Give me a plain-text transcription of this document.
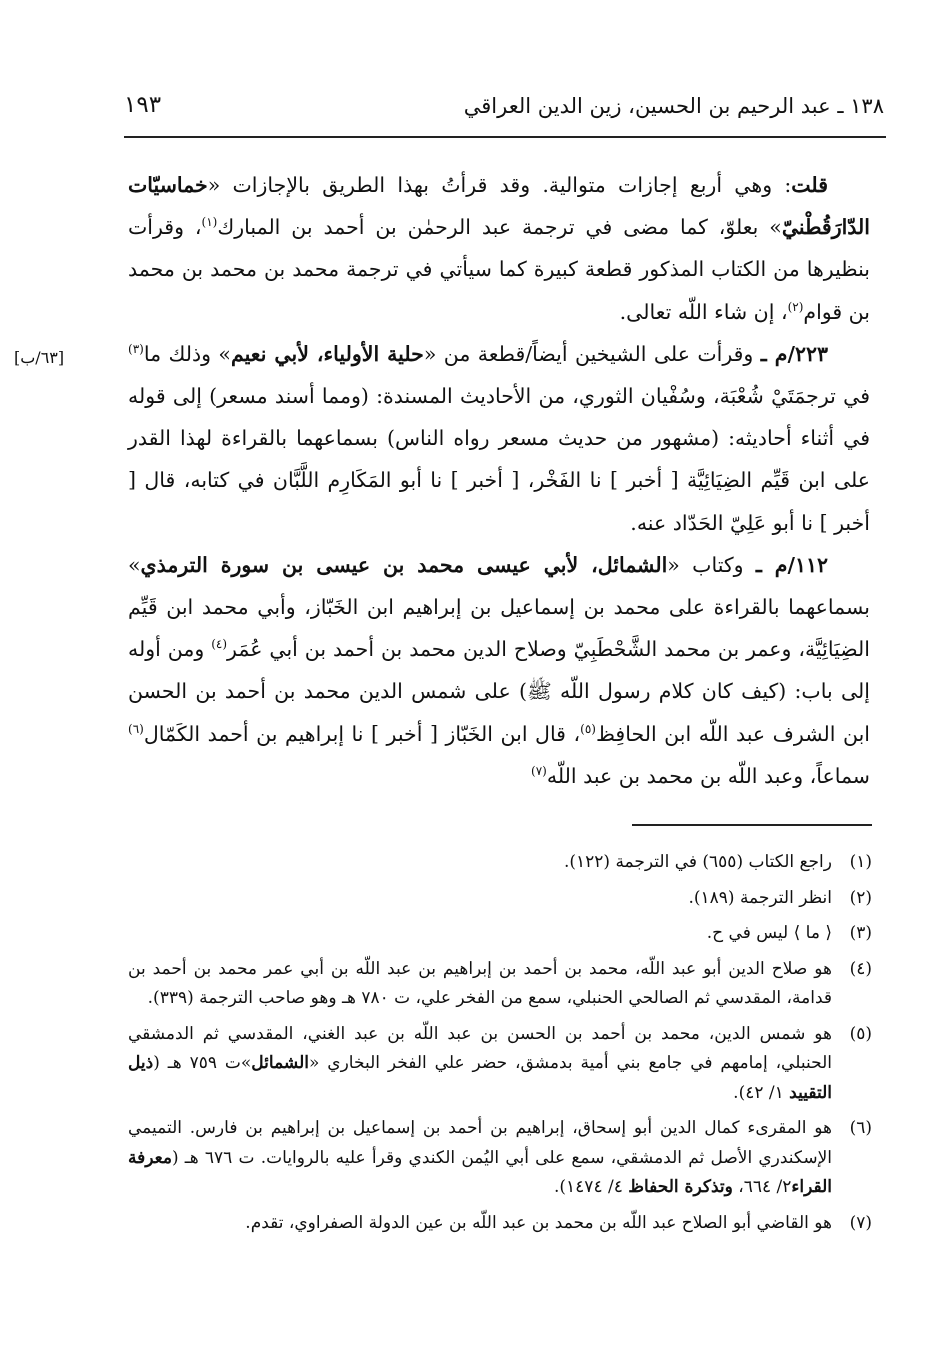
١٣٨ ـ عبد الرحيم بن الحسين، زين الدين العراقي
١٩٣
[٦٣/ب]

قلت: وهي أربع إجازات متوالية. وقد قرأتُ بهذا الطريق بالإجازات «خماسيّات الدّارَقُطْنيّ» بعلوّ، كما مضى في ترجمة عبد الرحمٰن بن أحمد بن المبارك$^{(١)}$، وقرأت بنظيرها من الكتاب المذكور قطعة كبيرة كما سيأتي في ترجمة محمد بن محمد بن محمد بن قوام$^{(٢)}$، إن شاء اللّه تعالى.

٢٢٣/م ـ وقرأت على الشيخين أيضاً/قطعة من «حلية الأولياء، لأبي نعيم» وذلك ما$^{(٣)}$ في ترجمَتَيْ شُعْبَة، وسُفْيان الثوري، من الأحاديث المسندة: (ومما أسند مسعر) إلى قوله في أثناء أحاديثه: (مشهور من حديث مسعر رواه الناس) بسماعهما بالقراءة لهذا القدر على ابن قَيِّم الضِيَائِيَّة [ أخبر ] نا الفَخْر، [ أخبر ] نا أبو المَكَارِم اللَّبَّان في كتابه، قال [ أخبر ] نا أبو عَلِيّ الحَدّاد عنه.

١١٢/م ـ وكتاب «الشمائل، لأبي عيسى محمد بن عيسى بن سورة الترمذي» بسماعهما بالقراءة على محمد بن إسماعيل بن إبراهيم ابن الخَبّاز، وأبي محمد ابن قَيِّم الضِيَائِيَّة، وعمر بن محمد الشَّحْطَبِيّ وصلاح الدين محمد بن أحمد بن أبي عُمَر$^{(٤)}$ ومن أوله إلى باب: (كيف كان كلام رسول اللّه ﷺ) على شمس الدين محمد بن أحمد بن الحسن ابن الشرف عبد اللّه ابن الحافِظ$^{(٥)}$، قال ابن الخَبّاز [ أخبر ] نا إبراهيم بن أحمد الكَمّال$^{(٦)}$ سماعاً، وعبد اللّه بن محمد بن عبد اللّه$^{(٧)}$

(١)
راجع الكتاب (٦٥٥) في الترجمة (١٢٢).
(٢)
انظر الترجمة (١٨٩).
(٣)
⟨ ما ⟩ ليس في ح.
(٤)
هو صلاح الدين أبو عبد اللّه، محمد بن أحمد بن إبراهيم بن عبد اللّه بن أبي عمر محمد بن أحمد بن قدامة، المقدسي ثم الصالحي الحنبلي، سمع من الفخر علي، ت ٧٨٠ هـ وهو صاحب الترجمة (٣٣٩).
(٥)
هو شمس الدين، محمد بن أحمد بن الحسن بن عبد اللّه بن عبد الغني، المقدسي ثم الدمشقي الحنبلي، إمامهم في جامع بني أمية بدمشق، حضر علي الفخر البخاري «الشمائل»ت ٧٥٩ هـ (ذيل التقييد ١/ ٤٢).
(٦)
هو المقرىء كمال الدين أبو إسحاق، إبراهيم بن أحمد بن إسماعيل بن إبراهيم بن فارس. التميمي الإسكندري الأصل ثم الدمشقي، سمع على أبي اليُمن الكندي وقرأ عليه بالروايات. ت ٦٧٦ هـ (معرفة القراء٢/ ٦٦٤، وتذكرة الحفاظ ٤/ ١٤٧٤).
(٧)
هو القاضي أبو الصلاح عبد اللّه بن محمد بن عبد اللّه بن عين الدولة الصفراوي، تقدم.
